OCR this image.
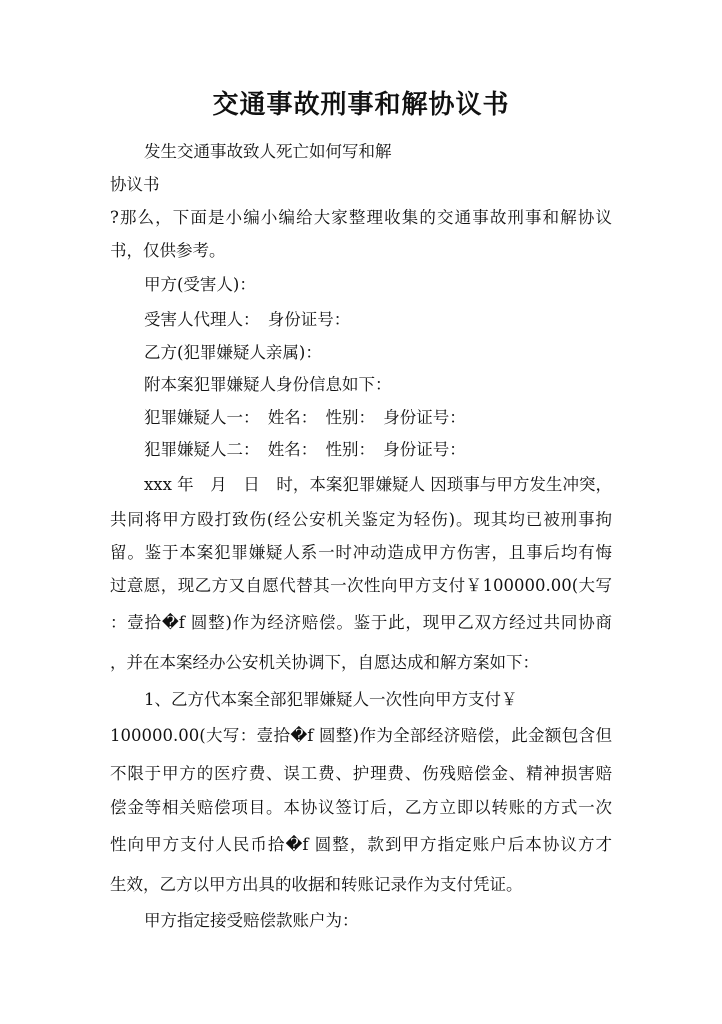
交通事故刑事和解协议书
发生交通事故致人死亡如何写和解
协议书
?那么，下面是小编小编给大家整理收集的交通事故刑事和解协议
书，仅供参考。
甲方(受害人)：
受害人代理人：　身份证号：
乙方(犯罪嫌疑人亲属)：
附本案犯罪嫌疑人身份信息如下：
犯罪嫌疑人一：　姓名：　性别：　身份证号：
犯罪嫌疑人二：　姓名：　性别：　身份证号：
xxx 年　月　日　时，本案犯罪嫌疑人 因琐事与甲方发生冲突，
共同将甲方殴打致伤(经公安机关鉴定为轻伤)。现其均已被刑事拘
留。鉴于本案犯罪嫌疑人系一时冲动造成甲方伤害，且事后均有悔
过意愿，现乙方又自愿代替其一次性向甲方支付￥100000.00(大写
：壹拾�f 圆整)作为经济赔偿。鉴于此，现甲乙双方经过共同协商
，并在本案经办公安机关协调下，自愿达成和解方案如下：
1、乙方代本案全部犯罪嫌疑人一次性向甲方支付￥
100000.00(大写：壹拾�f 圆整)作为全部经济赔偿，此金额包含但
不限于甲方的医疗费、误工费、护理费、伤残赔偿金、精神损害赔
偿金等相关赔偿项目。本协议签订后，乙方立即以转账的方式一次
性向甲方支付人民币拾�f 圆整，款到甲方指定账户后本协议方才
生效，乙方以甲方出具的收据和转账记录作为支付凭证。
甲方指定接受赔偿款账户为：
